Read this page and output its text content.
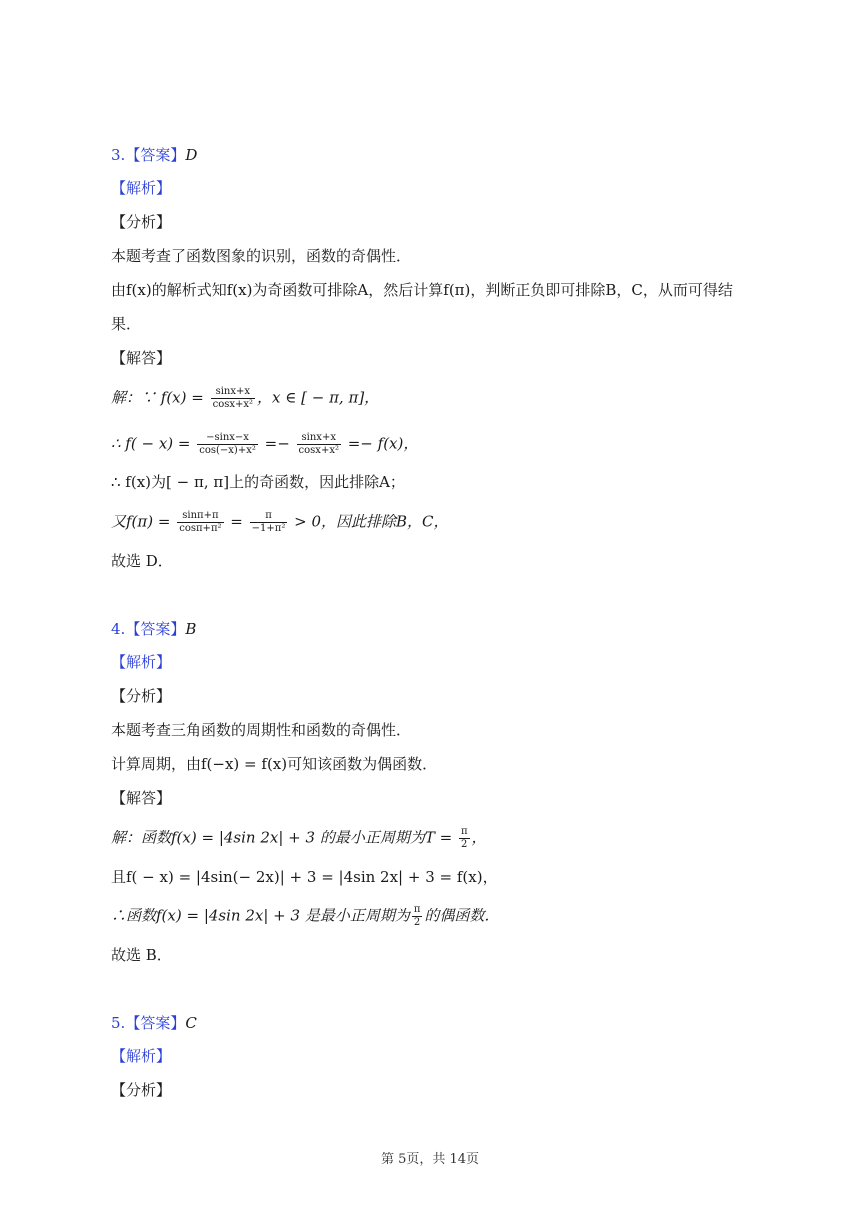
3.【答案】D
【解析】
【分析】
本题考查了函数图象的识别，函数的奇偶性．
由f(x)的解析式知f(x)为奇函数可排除A，然后计算f(π)，判断正负即可排除B，C，从而可得结
果．
【解答】
解：∵ $f(x) = \frac{\sin x+x}{\text{cosx+x²}}$ ，x ∈ [ − π, π]，
∴ $f( - x) = \frac{-\sin x-x}{\text{cos(−x)+x²}} =- \frac{\sin x+x}{\text{cosx+x²}} =- f(x)$，
∴ f(x)为[ − π, π]上的奇函数，因此排除A；
又$f(\pi) = \frac{\sin\pi+\pi}{\text{cosπ+π²}} = \frac{\pi}{\text{−1+π²}} > 0$，因此排除B，C，
故选 D．
4.【答案】B
【解析】
【分析】
本题考查三角函数的周期性和函数的奇偶性．
计算周期，由f(−x) = f(x)可知该函数为偶函数．
【解答】
解：函数f(x) = |4sin 2x| + 3 的最小正周期为$T = \frac{\pi}{2}$ ，
且f( − x) = |4sin(− 2x)| + 3 = |4sin 2x| + 3 = f(x)，
∴函数f(x) = |4sin 2x| + 3 是最小正周期为 $\frac{\pi}{2}$ 的偶函数．
故选 B．
5.【答案】C
【解析】
【分析】
第 5页，共 14页
